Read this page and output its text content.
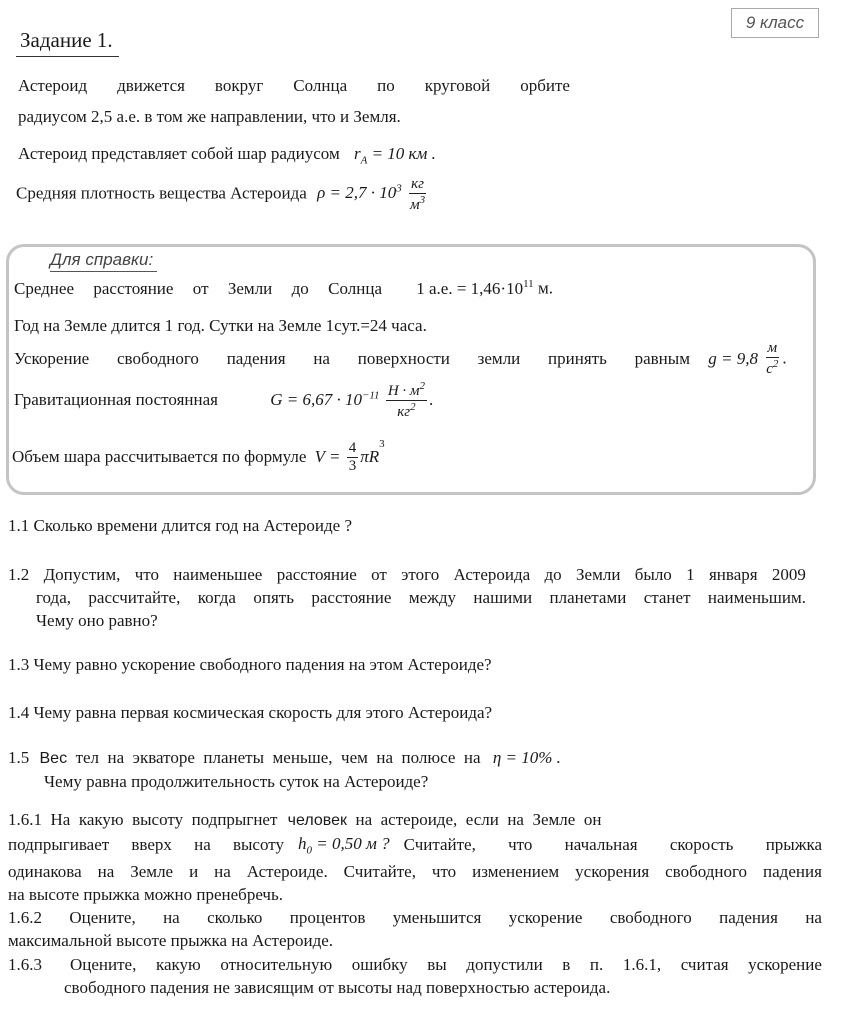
9 класс
Задание 1.
Астероид движется вокруг Солнца по круговой орбите
радиусом 2,5 а.е. в том же направлении, что и Земля.
Астероид представляет собой шар радиусом $r_A = 10$ км .
Средняя плотность вещества Астероида $\rho = 2,7 \cdot 10^3 \frac{кг}{м^3}$
Для справки:
Среднее расстояние от Земли до Солнца 1 а.е. = $1,46\cdot 10^{11}$ м.
Год на Земле длится 1 год. Сутки на Земле 1сут.=24 часа.
Ускорение свободного падения на поверхности земли принять равным $g = 9,8 \frac{м}{с^2}$ .
Гравитационная постоянная	$G = 6,67 \cdot 10^{-11} \frac{Н \cdot м^2}{кг^2}$ .
Объем шара рассчитывается по формуле $V = \frac{4}{3} \pi R^3$
1.1 Сколько времени длится год на Астероиде ?
1.2 Допустим, что наименьшее расстояние от этого Астероида до Земли было 1 января 2009
года, рассчитайте, когда опять расстояние между нашими планетами станет наименьшим.
Чему оно равно?
1.3 Чему равно ускорение свободного падения на этом Астероиде?
1.4 Чему равна первая космическая скорость для этого Астероида?
1.5 Вес  тел  на  экваторе  планеты  меньше,  чем  на  полюсе  на η = 10% .
Чему равна продолжительность суток на Астероиде?
1.6.1  На  какую  высоту  подпрыгнет человек  на  астероиде,  если  на  Земле  он
подпрыгивает вверх на высоту $h_0 = 0,50$ м ? Считайте, что начальная скорость прыжка
одинакова на Земле и на Астероиде. Считайте, что изменением ускорения свободного падения
на высоте прыжка можно пренебречь.
1.6.2 Оцените, на сколько процентов уменьшится ускорение свободного падения на
максимальной высоте прыжка на Астероиде.
1.6.3 Оцените, какую относительную ошибку вы допустили в п. 1.6.1, считая ускорение
свободного падения не зависящим от высоты над поверхностью астероида.
